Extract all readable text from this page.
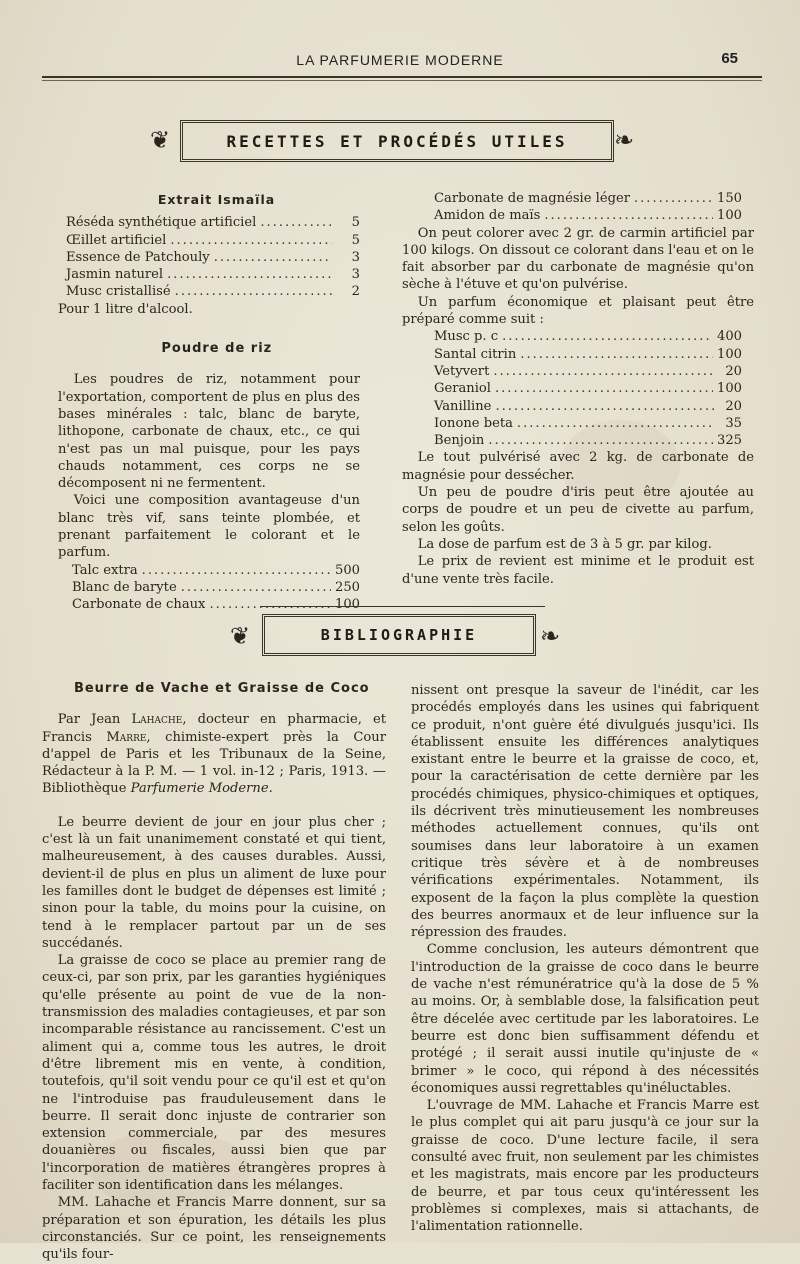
LA PARFUMERIE MODERNE	65
❦	RECETTES ET PROCÉDÉS UTILES	❧

Extrait Ismaïla

Réséda synthétique artificiel .....	5
Œillet artificiel .....	5
Essence de Patchouly .....	3
Jasmin naturel .....	3
Musc cristallisé .....	2

Pour 1 litre d'alcool.

Poudre de riz

Les poudres de riz, notamment pour l'exportation, comportent de plus en plus des bases minérales : talc, blanc de baryte, lithopone, carbonate de chaux, etc., ce qui n'est pas un mal puisque, pour les pays chauds notamment, ces corps ne se décomposent ni ne fermentent.

Voici une composition avantageuse d'un blanc très vif, sans teinte plombée, et prenant parfaitement le colorant et le parfum.

Talc extra .....	500
Blanc de baryte .....	250
Carbonate de chaux .....	100
Carbonate de magnésie léger .....	150
Amidon de maïs .....	100

On peut colorer avec 2 gr. de carmin artificiel par 100 kilogs. On dissout ce colorant dans l'eau et on le fait absorber par du carbonate de magnésie qu'on sèche à l'étuve et qu'on pulvérise.

Un parfum économique et plaisant peut être préparé comme suit :

Musc p. c .....	400
Santal citrin .....	100
Vetyvert .....	20
Geraniol .....	100
Vanilline .....	20
Ionone beta .....	35
Benjoin .....	325

Le tout pulvérisé avec 2 kg. de carbonate de magnésie pour dessécher.

Un peu de poudre d'iris peut être ajoutée au corps de poudre et un peu de civette au parfum, selon les goûts.

La dose de parfum est de 3 à 5 gr. par kilog.

Le prix de revient est minime et le produit est d'une vente très facile.

❦	BIBLIOGRAPHIE	❧

Beurre de Vache et Graisse de Coco

Par Jean Lahache, docteur en pharmacie, et Francis Marre, chimiste-expert près la Cour d'appel de Paris et les Tribunaux de la Seine, Rédacteur à la P. M. — 1 vol. in-12 ; Paris, 1913. — Bibliothèque Parfumerie Moderne.

Le beurre devient de jour en jour plus cher ; c'est là un fait unanimement constaté et qui tient, malheureusement, à des causes durables. Aussi, devient-il de plus en plus un aliment de luxe pour les familles dont le budget de dépenses est limité ; sinon pour la table, du moins pour la cuisine, on tend à le remplacer partout par un de ses succédanés.

La graisse de coco se place au premier rang de ceux-ci, par son prix, par les garanties hygiéniques qu'elle présente au point de vue de la non-transmission des maladies contagieuses, et par son incomparable résistance au rancissement. C'est un aliment qui a, comme tous les autres, le droit d'être librement mis en vente, à condition, toutefois, qu'il soit vendu pour ce qu'il est et qu'on ne l'introduise pas frauduleusement dans le beurre. Il serait donc injuste de contrarier son extension commerciale, par des mesures douanières ou fiscales, aussi bien que par l'incorporation de matières étrangères propres à faciliter son identification dans les mélanges.

MM. Lahache et Francis Marre donnent, sur sa préparation et son épuration, les détails les plus circonstanciés. Sur ce point, les renseignements qu'ils four-

nissent ont presque la saveur de l'inédit, car les procédés employés dans les usines qui fabriquent ce produit, n'ont guère été divulgués jusqu'ici. Ils établissent ensuite les différences analytiques existant entre le beurre et la graisse de coco, et, pour la caractérisation de cette dernière par les procédés chimiques, physico-chimiques et optiques, ils décrivent très minutieusement les nombreuses méthodes actuellement connues, qu'ils ont soumises dans leur laboratoire à un examen critique très sévère et à de nombreuses vérifications expérimentales. Notamment, ils exposent de la façon la plus complète la question des beurres anormaux et de leur influence sur la répression des fraudes.

Comme conclusion, les auteurs démontrent que l'introduction de la graisse de coco dans le beurre de vache n'est rémunératrice qu'à la dose de 5 % au moins. Or, à semblable dose, la falsification peut être décelée avec certitude par les laboratoires. Le beurre est donc bien suffisamment défendu et protégé ; il serait aussi inutile qu'injuste de « brimer » le coco, qui répond à des nécessités économiques aussi regrettables qu'inéluctables.

L'ouvrage de MM. Lahache et Francis Marre est le plus complet qui ait paru jusqu'à ce jour sur la graisse de coco. D'une lecture facile, il sera consulté avec fruit, non seulement par les chimistes et les magistrats, mais encore par les producteurs de beurre, et par tous ceux qu'intéressent les problèmes si complexes, mais si attachants, de l'alimentation rationnelle.
